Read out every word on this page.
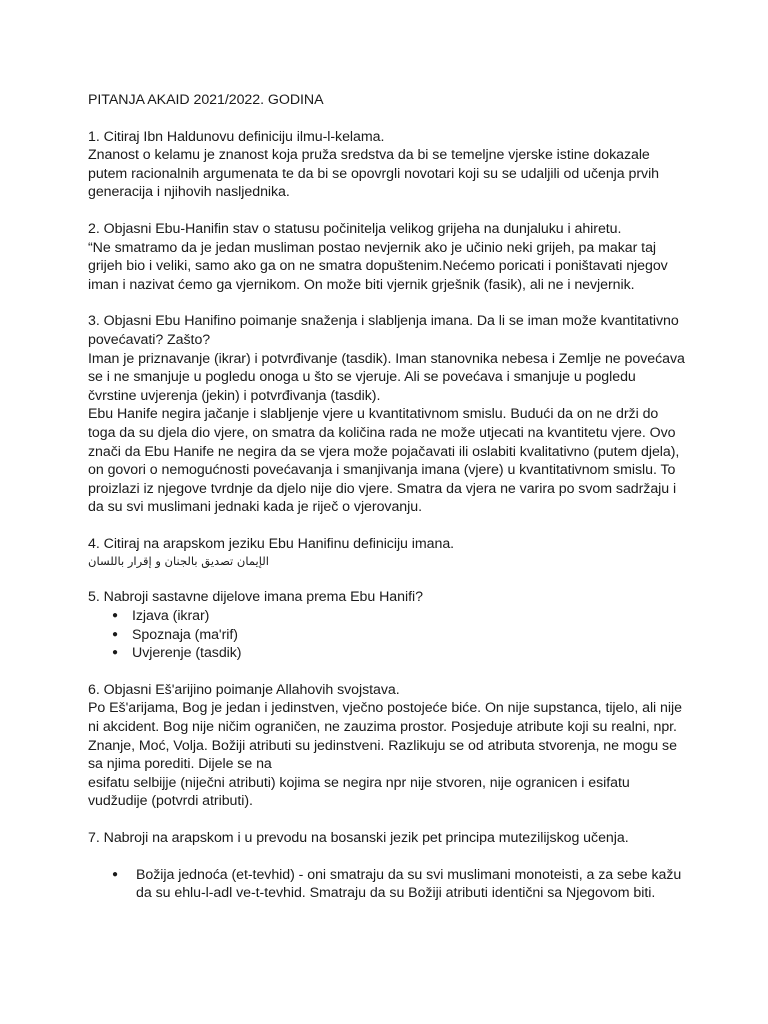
PITANJA AKAID 2021/2022. GODINA

1. Citiraj Ibn Haldunovu definiciju ilmu-l-kelama.

Znanost o kelamu je znanost koja pruža sredstva da bi se temeljne vjerske istine dokazale putem racionalnih argumenata te da bi se opovrgli novotari koji su se udaljili od učenja prvih generacija i njihovih nasljednika.

2. Objasni Ebu-Hanifin stav o statusu počinitelja velikog grijeha na dunjaluku i ahiretu.

“Ne smatramo da je jedan musliman postao nevjernik ako je učinio neki grijeh, pa makar taj grijeh bio i veliki, samo ako ga on ne smatra dopuštenim.Nećemo poricati i poništavati njegov iman i nazivat ćemo ga vjernikom. On može biti vjernik grješnik (fasik), ali ne i nevjernik.

3. Objasni Ebu Hanifino poimanje snaženja i slabljenja imana. Da li se iman može kvantitativno povećavati? Zašto?

Iman je priznavanje (ikrar) i potvrđivanje (tasdik). Iman stanovnika nebesa i Zemlje ne povećava se i ne smanjuje u pogledu onoga u što se vjeruje. Ali se povećava i smanjuje u pogledu čvrstine uvjerenja (jekin) i potvrđivanja (tasdik).

Ebu Hanife negira jačanje i slabljenje vjere u kvantitativnom smislu. Budući da on ne drži do toga da su djela dio vjere, on smatra da količina rada ne može utjecati na kvantitetu vjere. Ovo znači da Ebu Hanife ne negira da se vjera može pojačavati ili oslabiti kvalitativno (putem djela), on govori o nemogućnosti povećavanja i smanjivanja imana (vjere) u kvantitativnom smislu. To proizlazi iz njegove tvrdnje da djelo nije dio vjere. Smatra da vjera ne varira po svom sadržaju i da su svi muslimani jednaki kada je riječ o vjerovanju.

4. Citiraj na arapskom jeziku Ebu Hanifinu definiciju imana.

الإيمان تصديق بالجنان و إقرار باللسان

5. Nabroji sastavne dijelove imana prema Ebu Hanifi?

● Izjava (ikrar)
● Spoznaja (ma'rif)
● Uvjerenje (tasdik)

6. Objasni Eš'arijino poimanje Allahovih svojstava.

Po Eš'arijama, Bog je jedan i jedinstven, vječno postojeće biće. On nije supstanca, tijelo, ali nije ni akcident. Bog nije ničim ograničen, ne zauzima prostor. Posjeduje atribute koji su realni, npr. Znanje, Moć, Volja. Božiji atributi su jedinstveni. Razlikuju se od atributa stvorenja, ne mogu se sa njima porediti. Dijele se na

esifatu selbijje (niječni atributi) kojima se negira npr nije stvoren, nije ogranicen i esifatu vudžudije (potvrdi atributi).

7. Nabroji na arapskom i u prevodu na bosanski jezik pet principa mutezilijskog učenja.

● Božija jednoća (et-tevhid) - oni smatraju da su svi muslimani monoteisti, a za sebe kažu da su ehlu-l-adl ve-t-tevhid. Smatraju da su Božiji atributi identični sa Njegovom biti.
